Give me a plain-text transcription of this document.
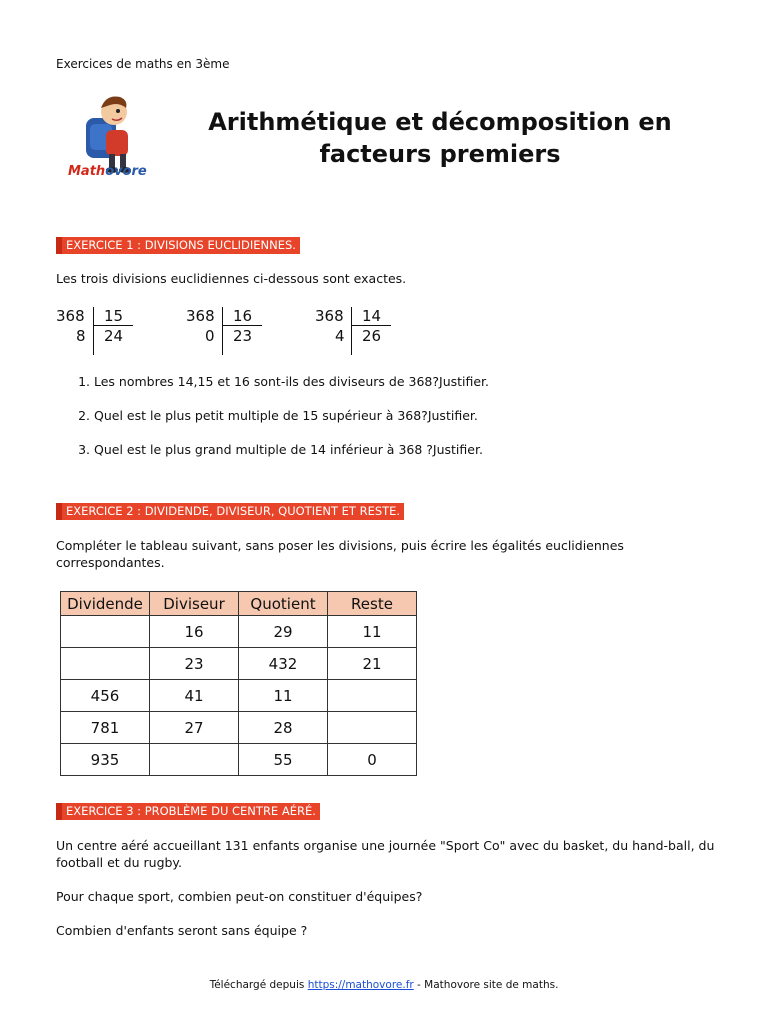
Exercices de maths en 3ème
Mathovore
Arithmétique et décomposition en
facteurs premiers
EXERCICE 1 : DIVISIONS EUCLIDIENNES.
Les trois divisions euclidiennes ci-dessous sont exactes.
368 15
8 24
368 16
0 23
368 14
4 26
1. Les nombres 14,15 et 16 sont-ils des diviseurs de 368?Justifier.
2. Quel est le plus petit multiple de 15 supérieur à 368?Justifier.
3. Quel est le plus grand multiple de 14 inférieur à 368 ?Justifier.
EXERCICE 2 : DIVIDENDE, DIVISEUR, QUOTIENT ET RESTE.
Compléter le tableau suivant, sans poser les divisions, puis écrire les égalités euclidiennes
correspondantes.
Dividende	Diviseur	Quotient	Reste
	16	29	11
	23	432	21
456	41	11	
781	27	28	
935		55	0
EXERCICE 3 : PROBLÈME DU CENTRE AÉRÉ.
Un centre aéré accueillant 131 enfants organise une journée "Sport Co" avec du basket, du hand-ball, du
football et du rugby.
Pour chaque sport, combien peut-on constituer d'équipes?
Combien d'enfants seront sans équipe ?
Téléchargé depuis https://mathovore.fr - Mathovore site de maths.
